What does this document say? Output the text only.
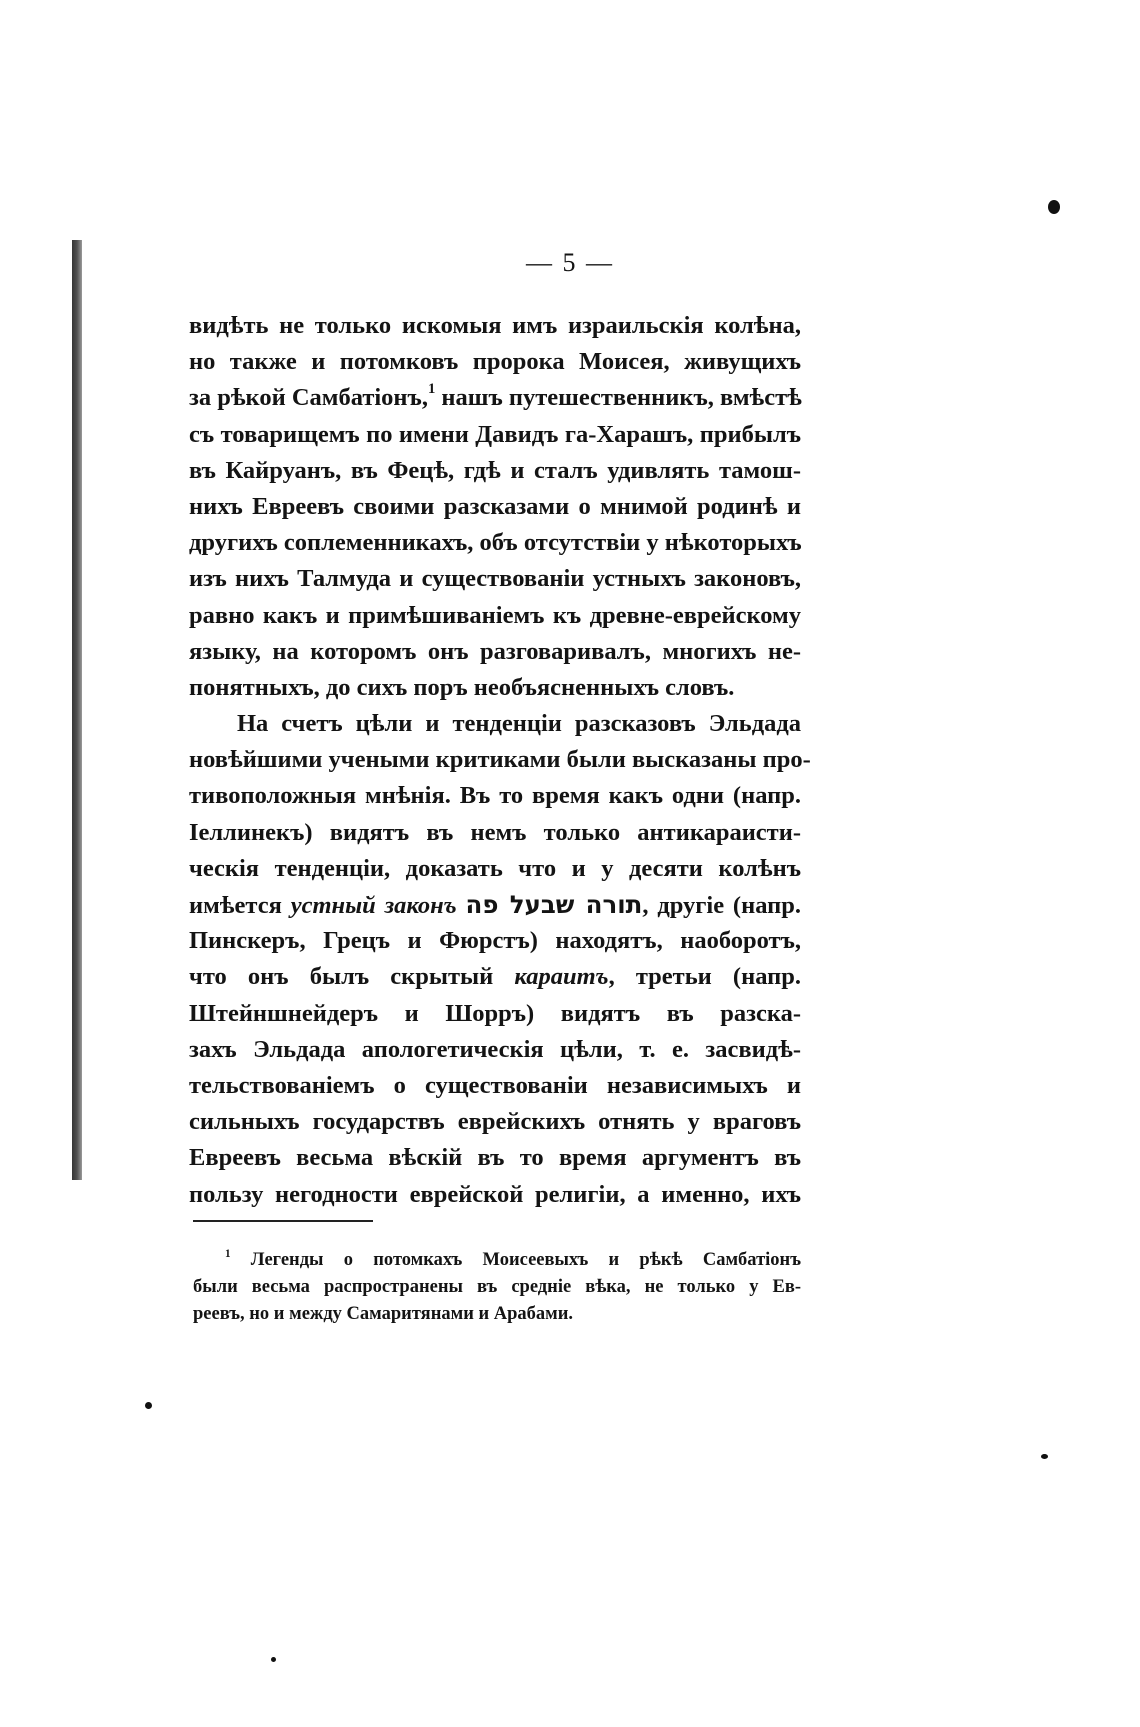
— 5 —
видѣть не только искомыя имъ израильскія колѣна,
но также и потомковъ пророка Моисея, живущихъ
за рѣкой Самбатіонъ,$^1$ нашъ путешественникъ, вмѣстѣ
съ товарищемъ по имени Давидъ га-Харашъ, прибылъ
въ Кайруанъ, въ Фецѣ, гдѣ и сталъ удивлять тамош-
нихъ Евреевъ своими разсказами о мнимой родинѣ и
другихъ соплеменникахъ, объ отсутствіи у нѣкоторыхъ
изъ нихъ Талмуда и существованіи устныхъ законовъ,
равно какъ и примѣшиваніемъ къ древне-еврейскому
языку, на которомъ онъ разговаривалъ, многихъ не-
понятныхъ, до сихъ поръ необъясненныхъ словъ.
На счетъ цѣли и тенденціи разсказовъ Эльдада
новѣйшими учеными критиками были высказаны про-
тивоположныя мнѣнія. Въ то время какъ одни (напр.
Іеллинекъ) видятъ въ немъ только антикараисти-
ческія тенденціи, доказать что и у десяти колѣнъ
имѣется устный законъ תורה שבעל פה, другіе (напр.
Пинскеръ, Грецъ и Фюрстъ) находятъ, наоборотъ,
что онъ былъ скрытый караитъ, третьи (напр.
Штейншнейдеръ и Шорръ) видятъ въ разска-
захъ Эльдада апологетическія цѣли, т. е. засвидѣ-
тельствованіемъ о существованіи независимыхъ и
сильныхъ государствъ еврейскихъ отнять у враговъ
Евреевъ весьма вѣскій въ то время аргументъ въ
пользу негодности еврейской религіи, а именно, ихъ
$^1$ Легенды о потомкахъ Моисеевыхъ и рѣкѣ Самбатіонъ
были весьма распространены въ средніе вѣка, не только у Ев-
реевъ, но и между Самаритянами и Арабами.
